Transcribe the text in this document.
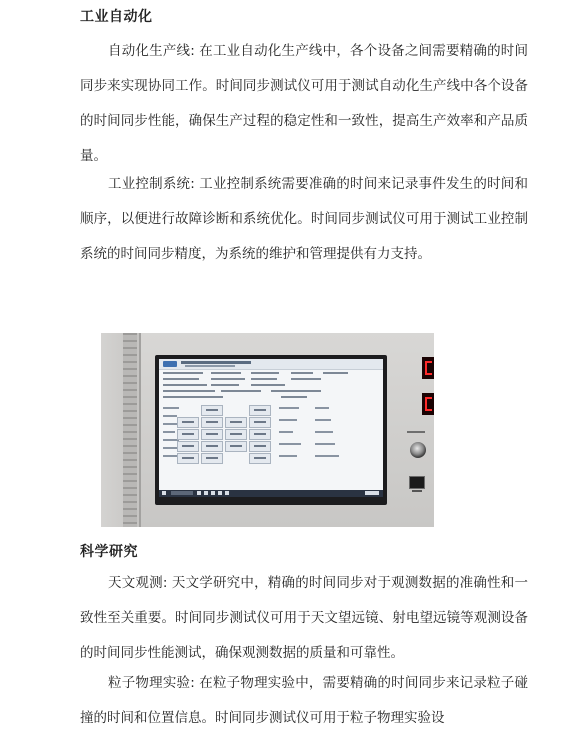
工业自动化

自动化生产线: 在工业自动化生产线中，各个设备之间需要精确的时间同步来实现协同工作。时间同步测试仪可用于测试自动化生产线中各个设备的时间同步性能，确保生产过程的稳定性和一致性，提高生产效率和产品质量。

工业控制系统: 工业控制系统需要准确的时间来记录事件发生的时间和顺序，以便进行故障诊断和系统优化。时间同步测试仪可用于测试工业控制系统的时间同步精度，为系统的维护和管理提供有力支持。

科学研究

天文观测: 天文学研究中，精确的时间同步对于观测数据的准确性和一致性至关重要。时间同步测试仪可用于天文望远镜、射电望远镜等观测设备的时间同步性能测试，确保观测数据的质量和可靠性。

粒子物理实验: 在粒子物理实验中，需要精确的时间同步来记录粒子碰撞的时间和位置信息。时间同步测试仪可用于粒子物理实验设
